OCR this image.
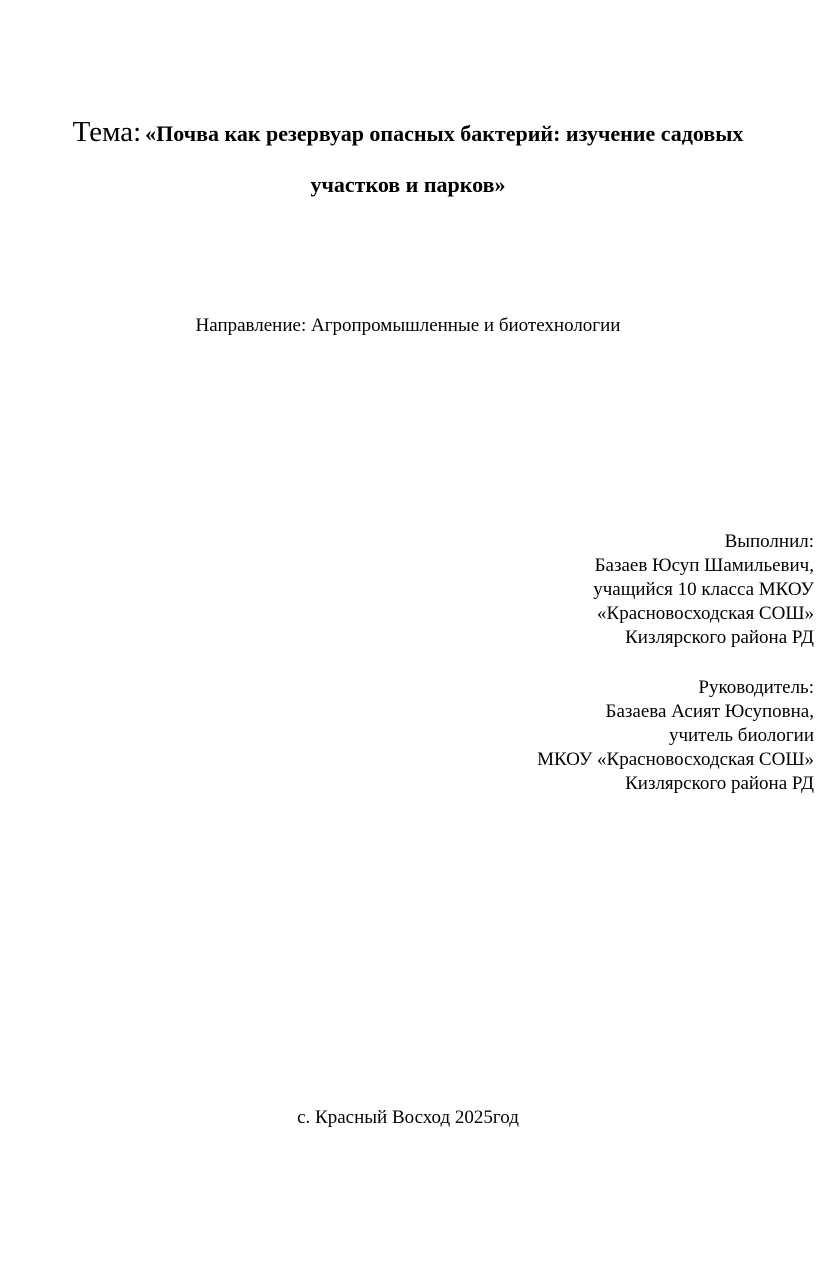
Тема: «Почва как резервуар опасных бактерий: изучение садовых
участков и парков»
Направление: Агропромышленные и биотехнологии
Выполнил:
Базаев Юсуп Шамильевич,
учащийся 10 класса МКОУ
«Красновосходская СОШ»
Кизлярского района РД
Руководитель:
Базаева Асият Юсуповна,
учитель биологии
МКОУ «Красновосходская СОШ»
Кизлярского района РД
с. Красный Восход 2025год
